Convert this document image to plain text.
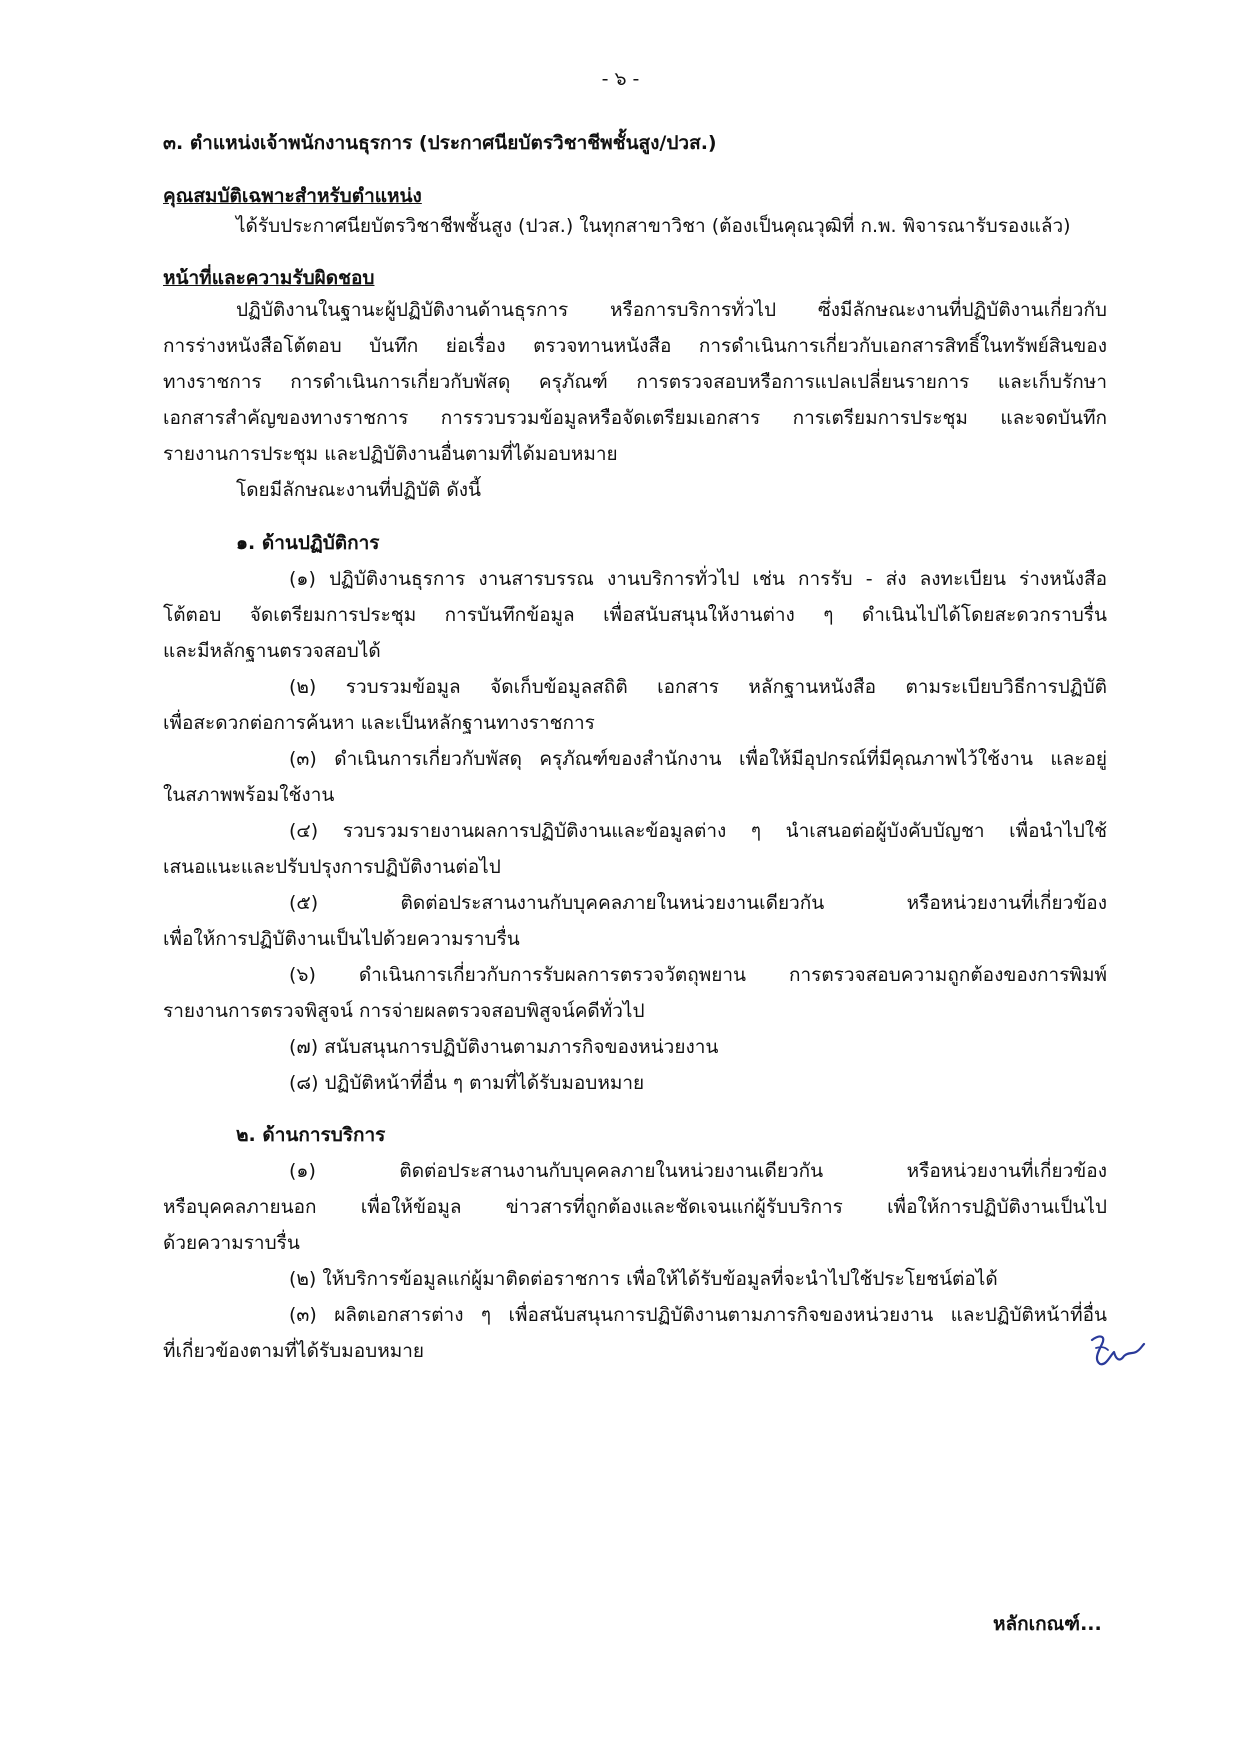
- ๖ -
๓. ตำแหน่งเจ้าพนักงานธุรการ (ประกาศนียบัตรวิชาชีพชั้นสูง/ปวส.)
คุณสมบัติเฉพาะสำหรับตำแหน่ง
ได้รับประกาศนียบัตรวิชาชีพชั้นสูง (ปวส.) ในทุกสาขาวิชา (ต้องเป็นคุณวุฒิที่ ก.พ. พิจารณารับรองแล้ว)
หน้าที่และความรับผิดชอบ
ปฏิบัติงานในฐานะผู้ปฏิบัติงานด้านธุรการ หรือการบริการทั่วไป ซึ่งมีลักษณะงานที่ปฏิบัติงานเกี่ยวกับ
การร่างหนังสือโต้ตอบ บันทึก ย่อเรื่อง ตรวจทานหนังสือ การดำเนินการเกี่ยวกับเอกสารสิทธิ์ในทรัพย์สินของ
ทางราชการ การดำเนินการเกี่ยวกับพัสดุ ครุภัณฑ์ การตรวจสอบหรือการแปลเปลี่ยนรายการ และเก็บรักษา
เอกสารสำคัญของทางราชการ การรวบรวมข้อมูลหรือจัดเตรียมเอกสาร การเตรียมการประชุม และจดบันทึก
รายงานการประชุม และปฏิบัติงานอื่นตามที่ได้มอบหมาย
โดยมีลักษณะงานที่ปฏิบัติ ดังนี้
๑. ด้านปฏิบัติการ
(๑) ปฏิบัติงานธุรการ งานสารบรรณ งานบริการทั่วไป เช่น การรับ - ส่ง ลงทะเบียน ร่างหนังสือ
โต้ตอบ จัดเตรียมการประชุม การบันทึกข้อมูล เพื่อสนับสนุนให้งานต่าง ๆ ดำเนินไปได้โดยสะดวกราบรื่น
และมีหลักฐานตรวจสอบได้
(๒) รวบรวมข้อมูล จัดเก็บข้อมูลสถิติ เอกสาร หลักฐานหนังสือ ตามระเบียบวิธีการปฏิบัติ
เพื่อสะดวกต่อการค้นหา และเป็นหลักฐานทางราชการ
(๓) ดำเนินการเกี่ยวกับพัสดุ ครุภัณฑ์ของสำนักงาน เพื่อให้มีอุปกรณ์ที่มีคุณภาพไว้ใช้งาน และอยู่
ในสภาพพร้อมใช้งาน
(๔) รวบรวมรายงานผลการปฏิบัติงานและข้อมูลต่าง ๆ นำเสนอต่อผู้บังคับบัญชา เพื่อนำไปใช้
เสนอแนะและปรับปรุงการปฏิบัติงานต่อไป
(๕) ติดต่อประสานงานกับบุคคลภายในหน่วยงานเดียวกัน หรือหน่วยงานที่เกี่ยวข้อง
เพื่อให้การปฏิบัติงานเป็นไปด้วยความราบรื่น
(๖) ดำเนินการเกี่ยวกับการรับผลการตรวจวัตถุพยาน การตรวจสอบความถูกต้องของการพิมพ์
รายงานการตรวจพิสูจน์ การจ่ายผลตรวจสอบพิสูจน์คดีทั่วไป
(๗) สนับสนุนการปฏิบัติงานตามภารกิจของหน่วยงาน
(๘) ปฏิบัติหน้าที่อื่น ๆ ตามที่ได้รับมอบหมาย
๒. ด้านการบริการ
(๑) ติดต่อประสานงานกับบุคคลภายในหน่วยงานเดียวกัน หรือหน่วยงานที่เกี่ยวข้อง
หรือบุคคลภายนอก เพื่อให้ข้อมูล ข่าวสารที่ถูกต้องและชัดเจนแก่ผู้รับบริการ เพื่อให้การปฏิบัติงานเป็นไป
ด้วยความราบรื่น
(๒) ให้บริการข้อมูลแก่ผู้มาติดต่อราชการ เพื่อให้ได้รับข้อมูลที่จะนำไปใช้ประโยชน์ต่อได้
(๓) ผลิตเอกสารต่าง ๆ เพื่อสนับสนุนการปฏิบัติงานตามภารกิจของหน่วยงาน และปฏิบัติหน้าที่อื่น
ที่เกี่ยวข้องตามที่ได้รับมอบหมาย
หลักเกณฑ์...
